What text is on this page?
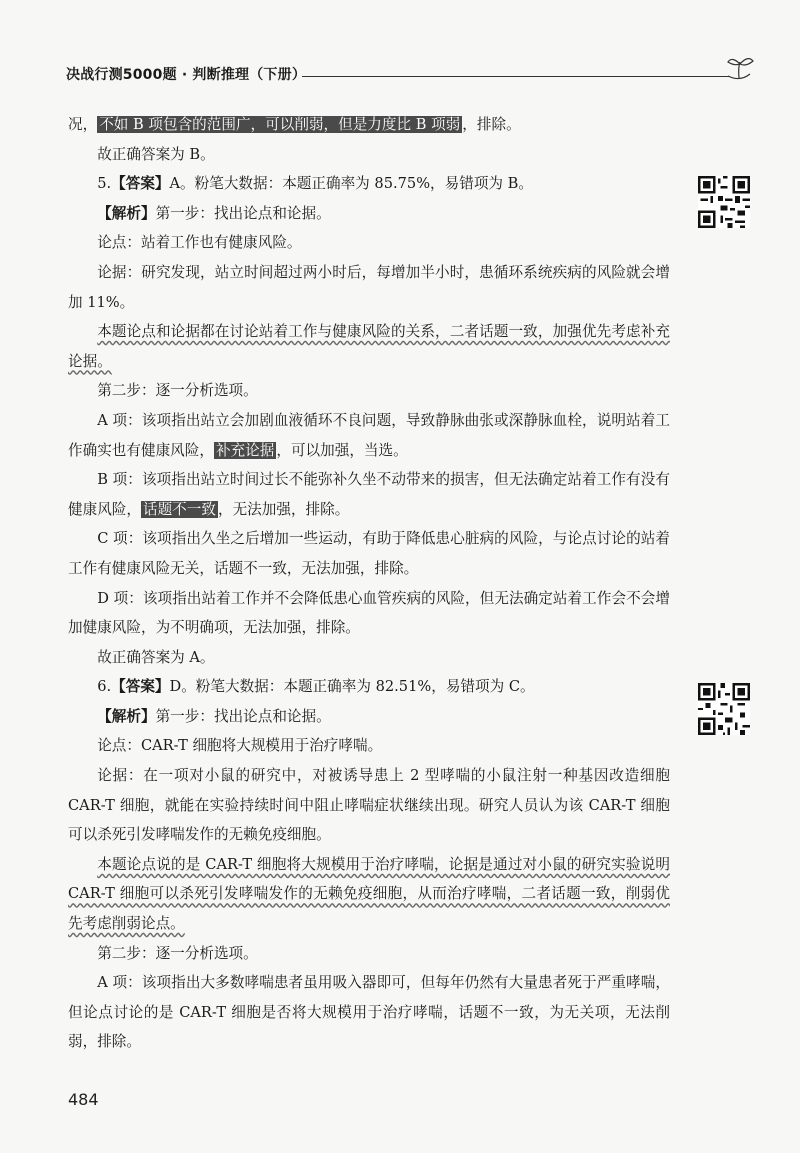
决战行测5000题 · 判断推理（下册）

况， 不如 B 项包含的范围广，可以削弱，但是力度比 B 项弱 ，排除。

故正确答案为 B。

5.【答案】A。粉笔大数据：本题正确率为 85.75%，易错项为 B。

【解析】第一步：找出论点和论据。

论点：站着工作也有健康风险。

论据：研究发现，站立时间超过两小时后，每增加半小时，患循环系统疾病的风险就会增加 11%。

本题论点和论据都在讨论站着工作与健康风险的关系，二者话题一致，加强优先考虑补充论据。

第二步：逐一分析选项。

A 项：该项指出站立会加剧血液循环不良问题，导致静脉曲张或深静脉血栓，说明站着工作确实也有健康风险， 补充论据 ，可以加强，当选。

B 项：该项指出站立时间过长不能弥补久坐不动带来的损害，但无法确定站着工作有没有健康风险， 话题不一致 ，无法加强，排除。

C 项：该项指出久坐之后增加一些运动，有助于降低患心脏病的风险，与论点讨论的站着工作有健康风险无关，话题不一致，无法加强，排除。

D 项：该项指出站着工作并不会降低患心血管疾病的风险，但无法确定站着工作会不会增加健康风险，为不明确项，无法加强，排除。

故正确答案为 A。

6.【答案】D。粉笔大数据：本题正确率为 82.51%，易错项为 C。

【解析】第一步：找出论点和论据。

论点：CAR-T 细胞将大规模用于治疗哮喘。

论据：在一项对小鼠的研究中，对被诱导患上 2 型哮喘的小鼠注射一种基因改造细胞 CAR-T 细胞，就能在实验持续时间中阻止哮喘症状继续出现。研究人员认为该 CAR-T 细胞可以杀死引发哮喘发作的无赖免疫细胞。

本题论点说的是 CAR-T 细胞将大规模用于治疗哮喘，论据是通过对小鼠的研究实验说明 CAR-T 细胞可以杀死引发哮喘发作的无赖免疫细胞，从而治疗哮喘，二者话题一致，削弱优先考虑削弱论点。

第二步：逐一分析选项。

A 项：该项指出大多数哮喘患者虽用吸入器即可，但每年仍然有大量患者死于严重哮喘，但论点讨论的是 CAR-T 细胞是否将大规模用于治疗哮喘，话题不一致，为无关项，无法削弱，排除。

484
